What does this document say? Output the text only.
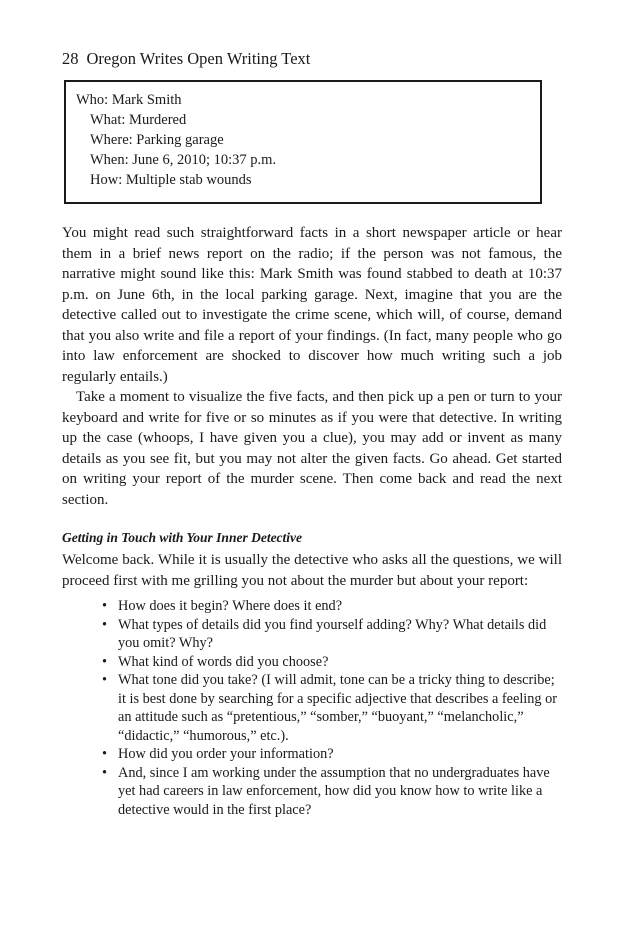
28 Oregon Writes Open Writing Text
Who: Mark Smith
What: Murdered
Where: Parking garage
When: June 6, 2010; 10:37 p.m.
How: Multiple stab wounds

You might read such straightforward facts in a short newspaper article or hear them in a brief news report on the radio; if the person was not famous, the narrative might sound like this: Mark Smith was found stabbed to death at 10:37 p.m. on June 6th, in the local parking garage. Next, imagine that you are the detective called out to investigate the crime scene, which will, of course, demand that you also write and file a report of your findings. (In fact, many people who go into law enforcement are shocked to discover how much writing such a job regularly entails.)

Take a moment to visualize the five facts, and then pick up a pen or turn to your keyboard and write for five or so minutes as if you were that detective. In writing up the case (whoops, I have given you a clue), you may add or invent as many details as you see fit, but you may not alter the given facts. Go ahead. Get started on writing your report of the murder scene. Then come back and read the next section.

Getting in Touch with Your Inner Detective

Welcome back. While it is usually the detective who asks all the questions, we will proceed first with me grilling you not about the murder but about your report:

• How does it begin? Where does it end?
• What types of details did you find yourself adding? Why? What details did you omit? Why?
• What kind of words did you choose?
• What tone did you take? (I will admit, tone can be a tricky thing to describe; it is best done by searching for a specific adjective that describes a feeling or an attitude such as “pretentious,” “somber,” “buoyant,” “melancholic,” “didactic,” “humorous,” etc.).
• How did you order your information?
• And, since I am working under the assumption that no undergraduates have yet had careers in law enforcement, how did you know how to write like a detective would in the first place?
